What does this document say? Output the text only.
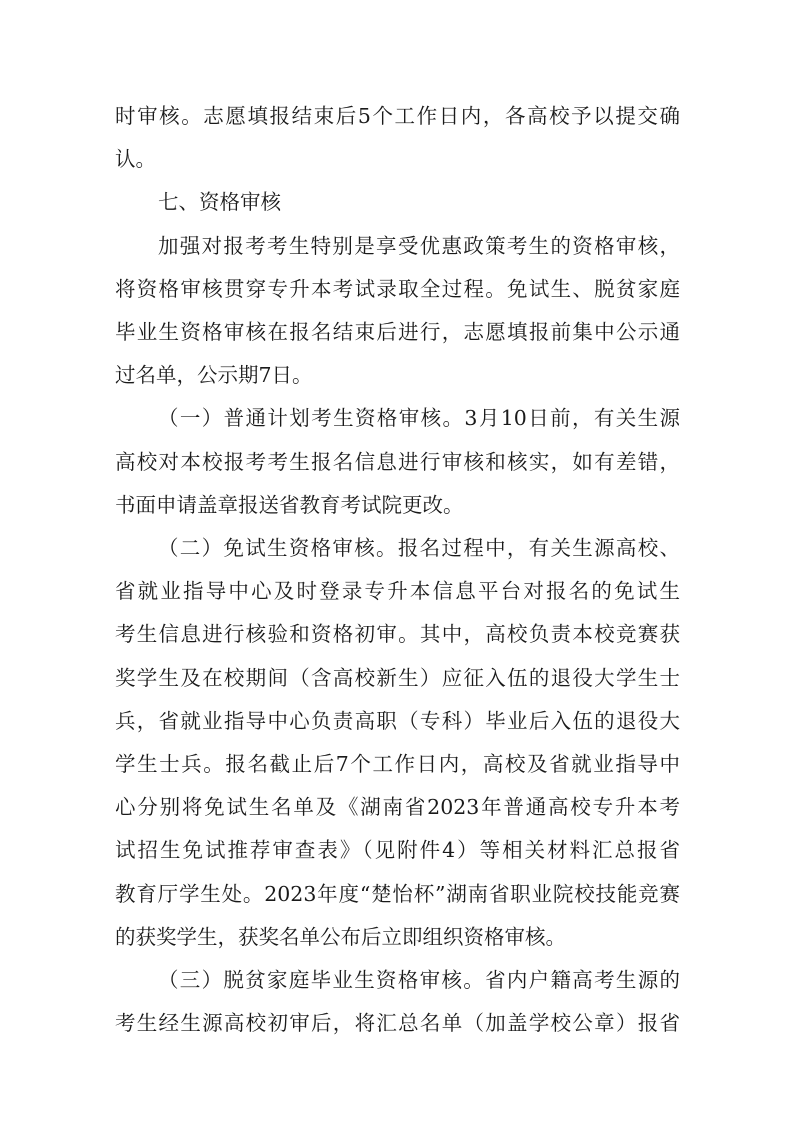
时审核。志愿填报结束后5个工作日内，各高校予以提交确
认。
七、资格审核
加强对报考考生特别是享受优惠政策考生的资格审核，
将资格审核贯穿专升本考试录取全过程。免试生、脱贫家庭
毕业生资格审核在报名结束后进行，志愿填报前集中公示通
过名单，公示期7日。
（一）普通计划考生资格审核。3月10日前，有关生源
高校对本校报考考生报名信息进行审核和核实，如有差错，
书面申请盖章报送省教育考试院更改。
（二）免试生资格审核。报名过程中，有关生源高校、
省就业指导中心及时登录专升本信息平台对报名的免试生
考生信息进行核验和资格初审。其中，高校负责本校竞赛获
奖学生及在校期间（含高校新生）应征入伍的退役大学生士
兵，省就业指导中心负责高职（专科）毕业后入伍的退役大
学生士兵。报名截止后7个工作日内，高校及省就业指导中
心分别将免试生名单及《湖南省2023年普通高校专升本考
试招生免试推荐审查表》（见附件4）等相关材料汇总报省
教育厅学生处。2023年度“楚怡杯”湖南省职业院校技能竞赛
的获奖学生，获奖名单公布后立即组织资格审核。
（三）脱贫家庭毕业生资格审核。省内户籍高考生源的
考生经生源高校初审后，将汇总名单（加盖学校公章）报省
